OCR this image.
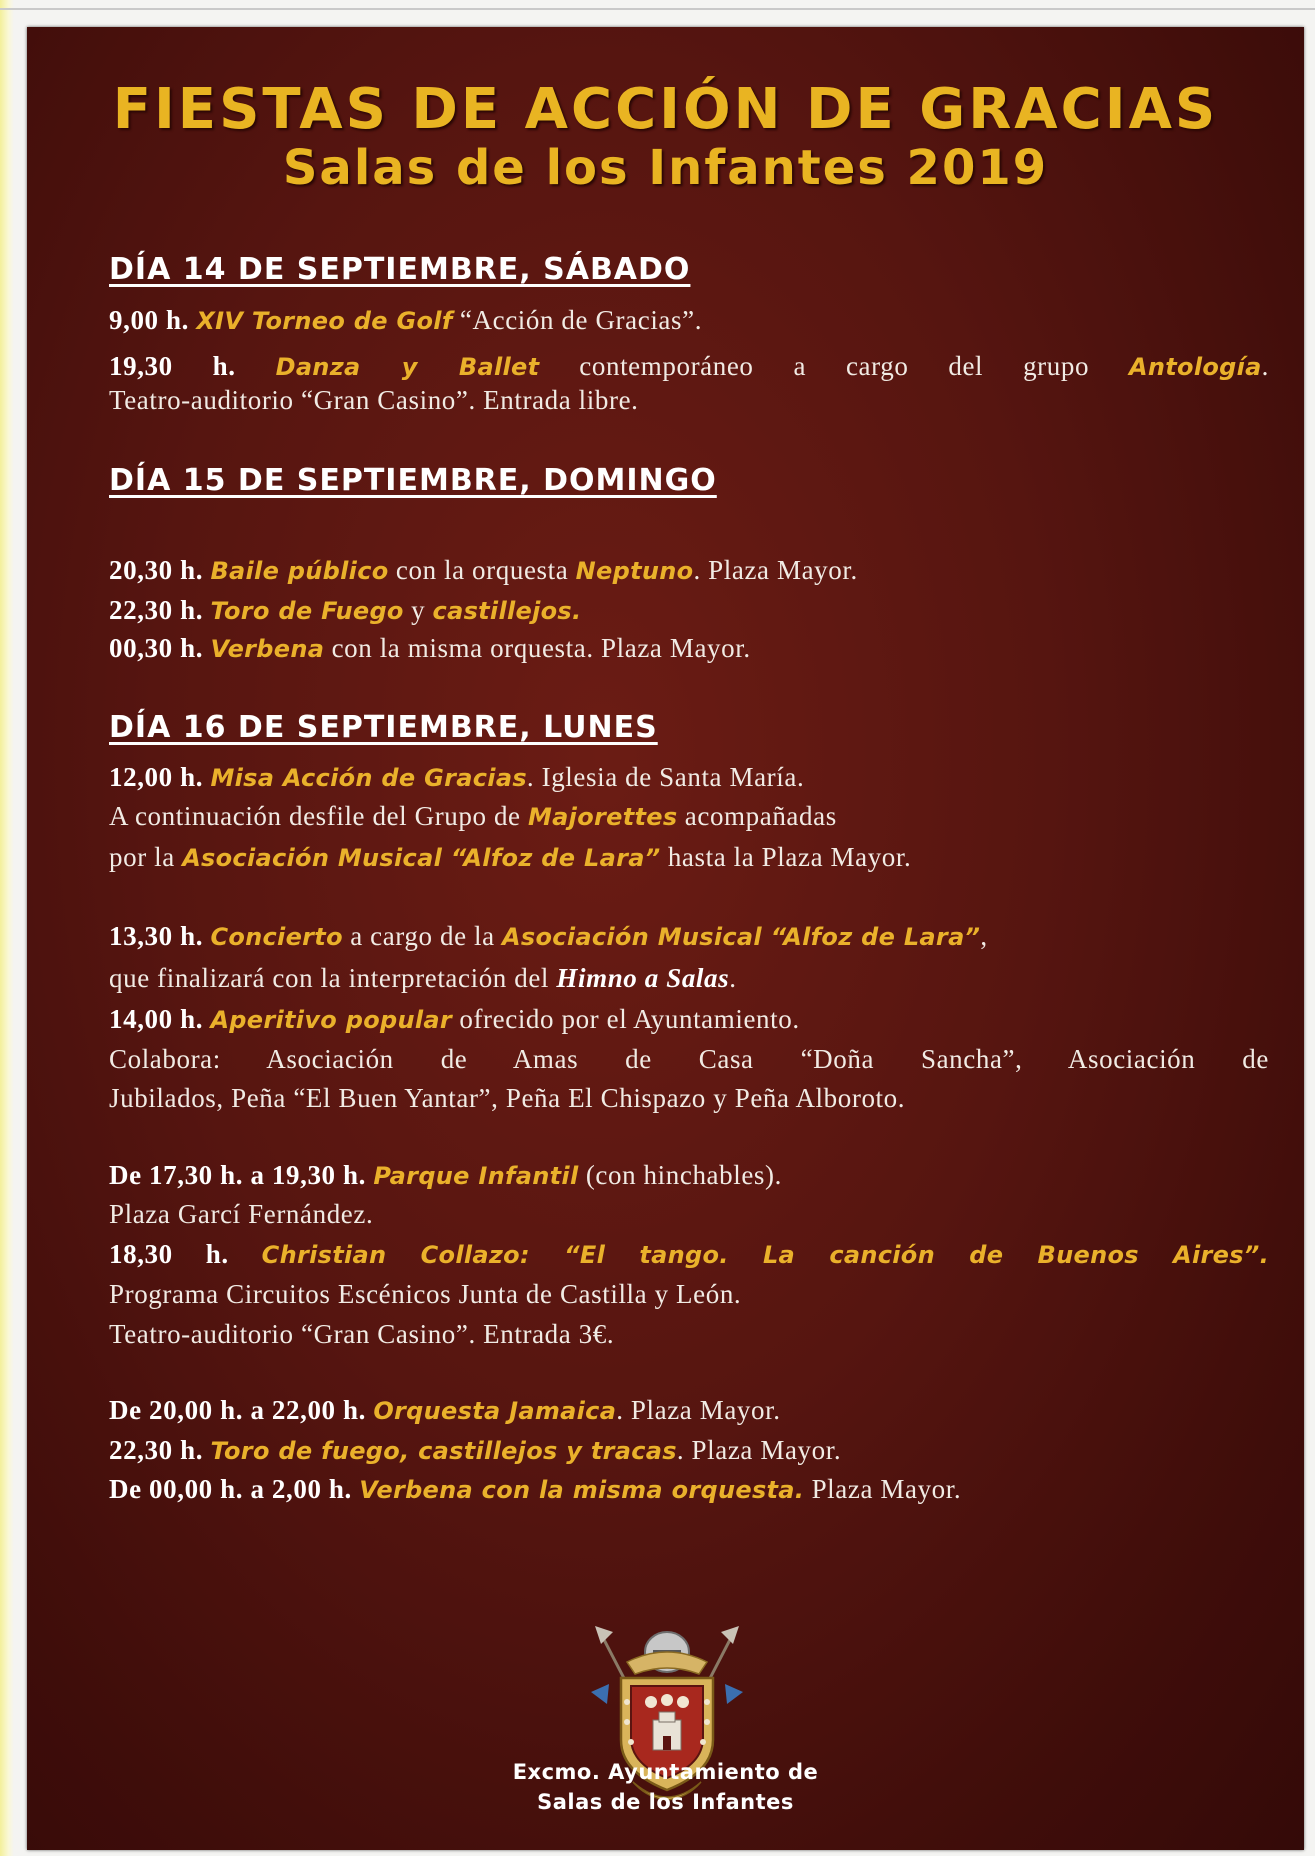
FIESTAS DE ACCIÓN DE GRACIAS
Salas de los Infantes 2019
DÍA 14 DE SEPTIEMBRE, SÁBADO
9,00 h. XIV Torneo de Golf “Acción de Gracias”.
19,30 h. Danza y Ballet contemporáneo a cargo del grupo Antología.
Teatro-auditorio “Gran Casino”. Entrada libre.
DÍA 15 DE SEPTIEMBRE, DOMINGO
20,30 h. Baile público con la orquesta Neptuno. Plaza Mayor.
22,30 h. Toro de Fuego y castillejos.
00,30 h. Verbena con la misma orquesta. Plaza Mayor.
DÍA 16 DE SEPTIEMBRE, LUNES
12,00 h. Misa Acción de Gracias. Iglesia de Santa María.
A continuación desfile del Grupo de Majorettes acompañadas
por la Asociación Musical “Alfoz de Lara” hasta la Plaza Mayor.
13,30 h. Concierto a cargo de la Asociación Musical “Alfoz de Lara”,
que finalizará con la interpretación del Himno a Salas.
14,00 h. Aperitivo popular ofrecido por el Ayuntamiento.
Colabora: Asociación de Amas de Casa “Doña Sancha”, Asociación de
Jubilados, Peña “El Buen Yantar”, Peña El Chispazo y Peña Alboroto.
De 17,30 h. a 19,30 h. Parque Infantil (con hinchables).
Plaza Garcí Fernández.
18,30 h. Christian Collazo: “El tango. La canción de Buenos Aires”.
Programa Circuitos Escénicos Junta de Castilla y León.
Teatro-auditorio “Gran Casino”. Entrada 3€.
De 20,00 h. a 22,00 h. Orquesta Jamaica. Plaza Mayor.
22,30 h. Toro de fuego, castillejos y tracas. Plaza Mayor.
De 00,00 h. a 2,00 h. Verbena con la misma orquesta. Plaza Mayor.
Excmo. Ayuntamiento de
Salas de los Infantes
